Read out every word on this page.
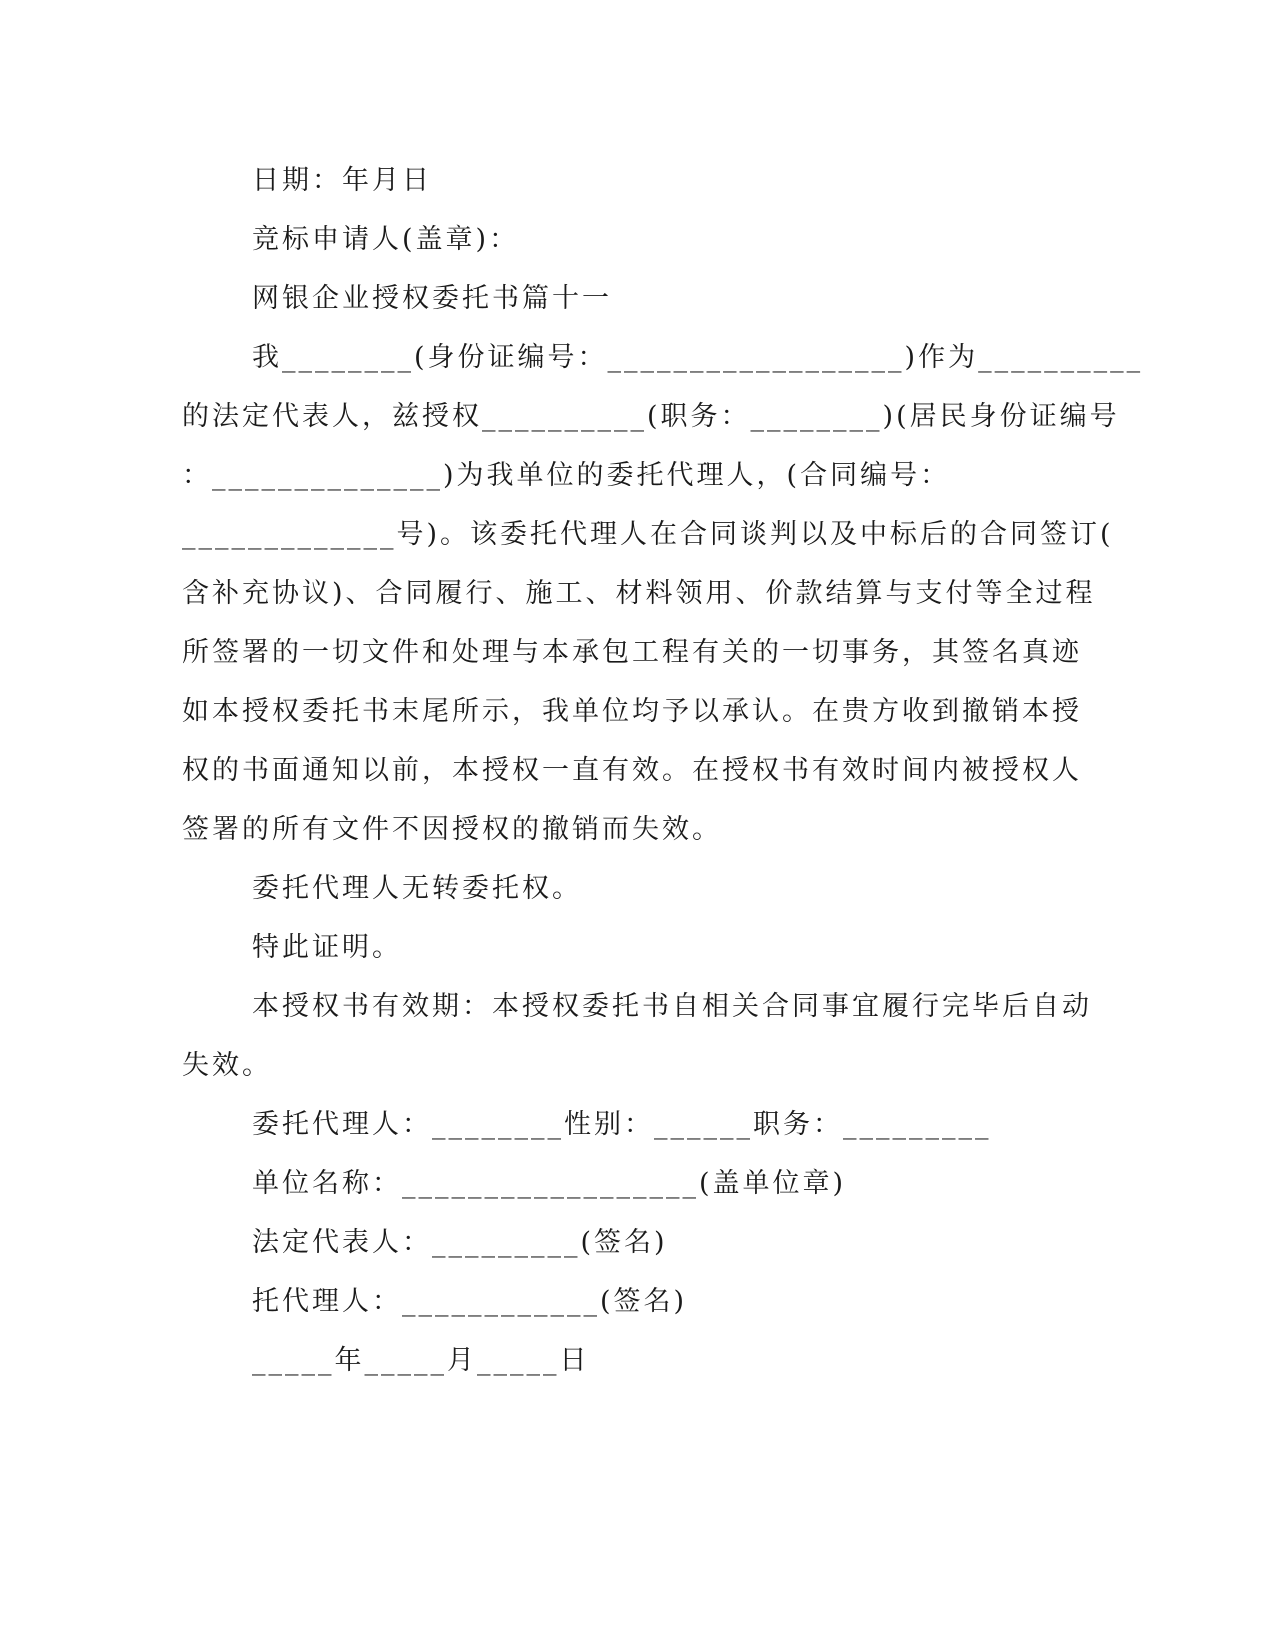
日期：年月日
竞标申请人(盖章)：
网银企业授权委托书篇十一
我________(身份证编号：__________________)作为__________
的法定代表人，兹授权__________(职务：________)(居民身份证编号
：______________)为我单位的委托代理人，(合同编号：
_____________号)。该委托代理人在合同谈判以及中标后的合同签订(
含补充协议)、合同履行、施工、材料领用、价款结算与支付等全过程
所签署的一切文件和处理与本承包工程有关的一切事务，其签名真迹
如本授权委托书末尾所示，我单位均予以承认。在贵方收到撤销本授
权的书面通知以前，本授权一直有效。在授权书有效时间内被授权人
签署的所有文件不因授权的撤销而失效。
委托代理人无转委托权。
特此证明。
本授权书有效期：本授权委托书自相关合同事宜履行完毕后自动
失效。
委托代理人：________性别：______职务：_________
单位名称：__________________(盖单位章)
法定代表人：_________(签名)
托代理人：____________(签名)
_____年_____月_____日
